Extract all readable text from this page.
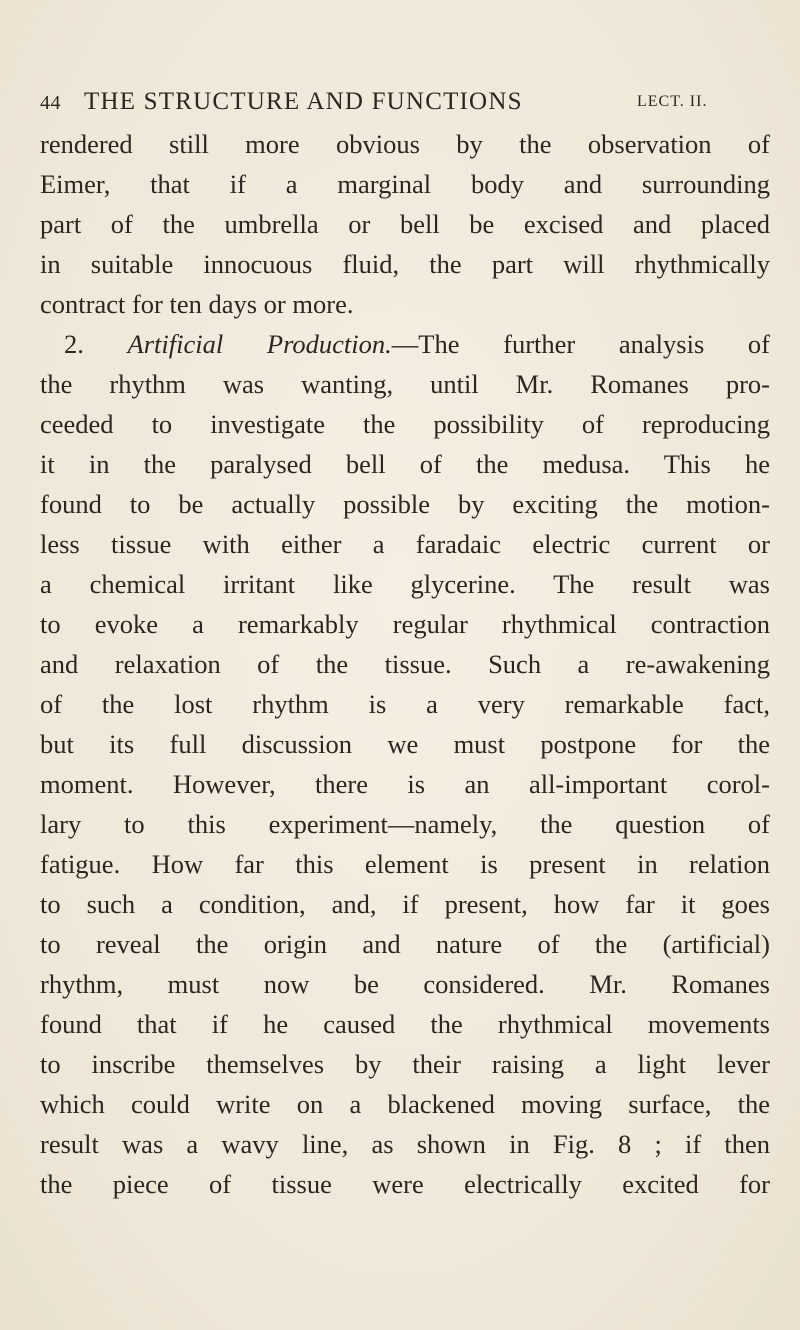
44 THE STRUCTURE AND FUNCTIONS	LECT. II.
rendered still more obvious by the observation of
Eimer, that if a marginal body and surrounding
part of the umbrella or bell be excised and placed
in suitable innocuous fluid, the part will rhythmically
contract for ten days or more.
2. Artificial Production.—The further analysis of
the rhythm was wanting, until Mr. Romanes pro-
ceeded to investigate the possibility of reproducing
it in the paralysed bell of the medusa. This he
found to be actually possible by exciting the motion-
less tissue with either a faradaic electric current or
a chemical irritant like glycerine. The result was
to evoke a remarkably regular rhythmical contraction
and relaxation of the tissue. Such a re-awakening
of the lost rhythm is a very remarkable fact,
but its full discussion we must postpone for the
moment. However, there is an all-important corol-
lary to this experiment—namely, the question of
fatigue. How far this element is present in relation
to such a condition, and, if present, how far it goes
to reveal the origin and nature of the (artificial)
rhythm, must now be considered. Mr. Romanes
found that if he caused the rhythmical movements
to inscribe themselves by their raising a light lever
which could write on a blackened moving surface, the
result was a wavy line, as shown in Fig. 8 ; if then
the piece of tissue were electrically excited for
